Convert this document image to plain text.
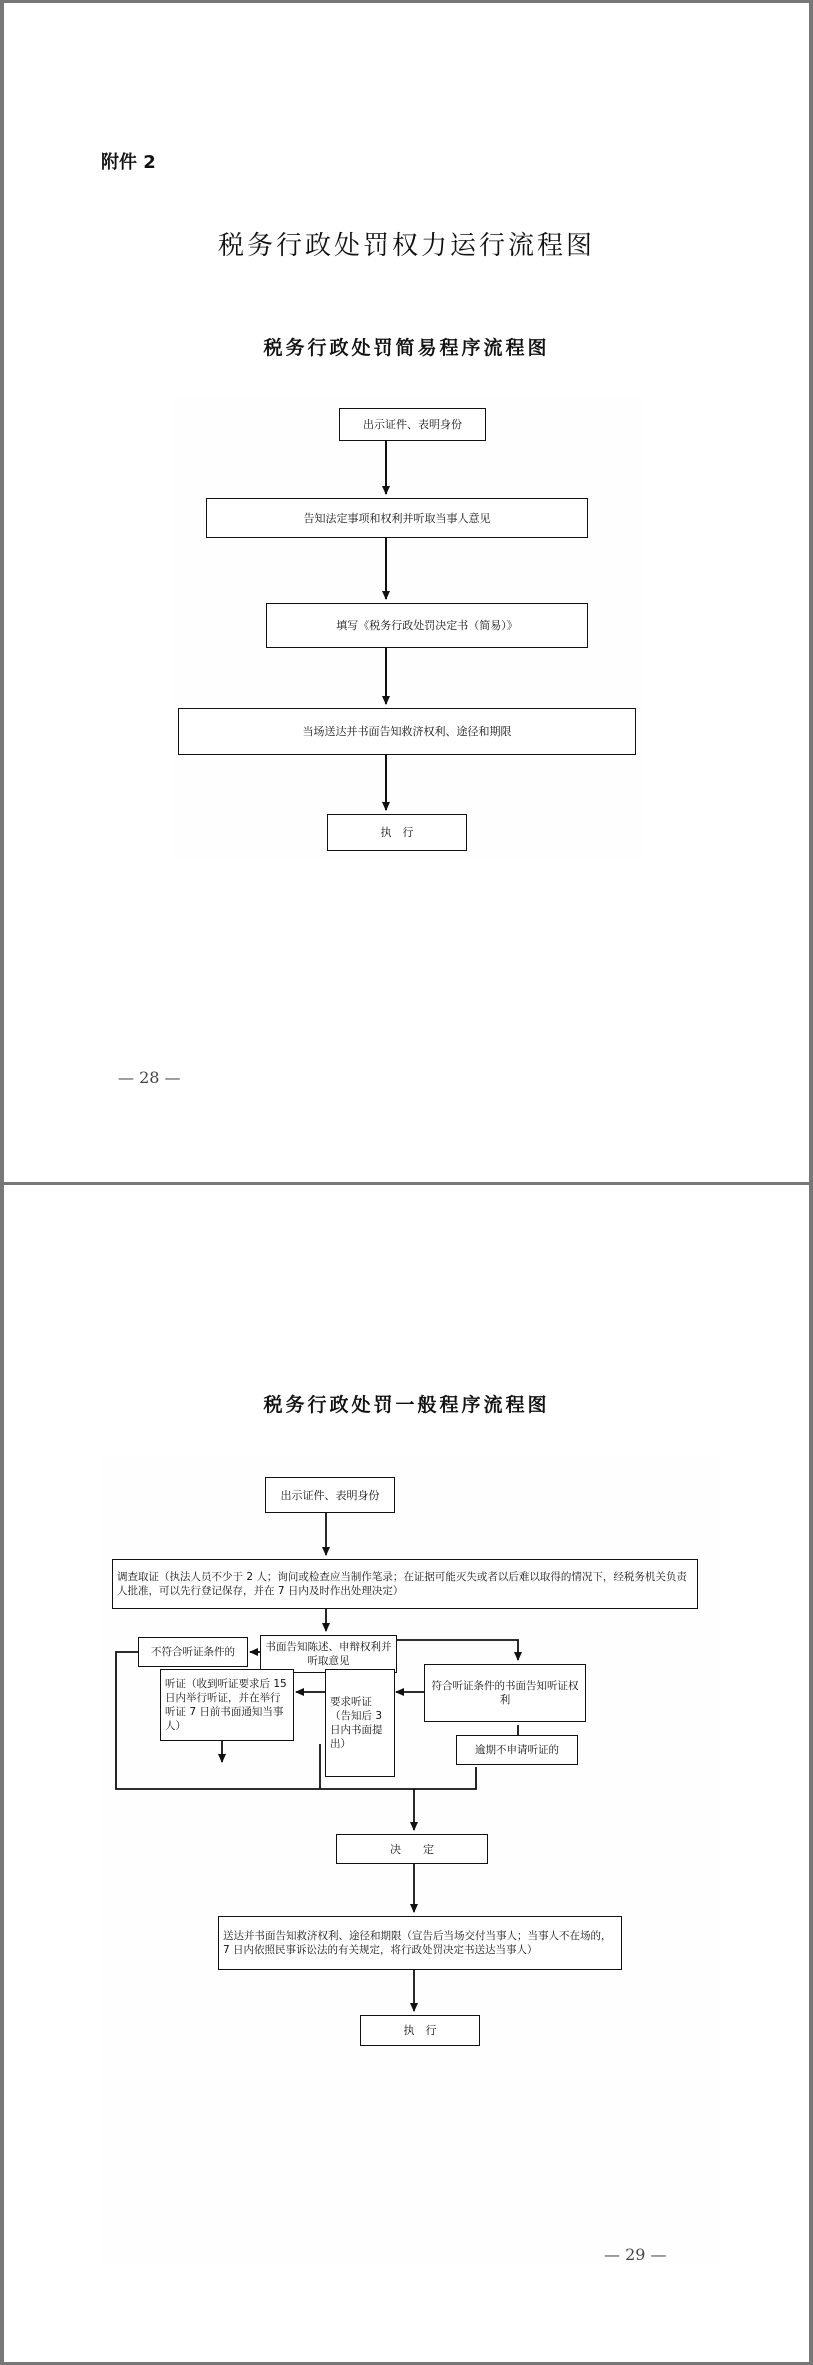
附件 2
税务行政处罚权力运行流程图
税务行政处罚简易程序流程图
出示证件、表明身份
告知法定事项和权利并听取当事人意见
填写《税务行政处罚决定书（简易）》
当场送达并书面告知救济权利、途径和期限
执　行
— 28 —
税务行政处罚一般程序流程图
出示证件、表明身份
调查取证（执法人员不少于 2 人；询问或检查应当制作笔录；在证据可能灭失或者以后难以取得的情况下，经税务机关负责人批准，可以先行登记保存，并在 7 日内及时作出处理决定）
书面告知陈述、申辩权利并听取意见
不符合听证条件的
符合听证条件的书面告知听证权利
听证（收到听证要求后 15 日内举行听证，并在举行听证 7 日前书面通知当事人）
要求听证（告知后 3 日内书面提出）	逾期不申请听证的
决　　定
送达并书面告知救济权利、途径和期限（宣告后当场交付当事人；当事人不在场的，7 日内依照民事诉讼法的有关规定，将行政处罚决定书送达当事人）
执　行
— 29 —
